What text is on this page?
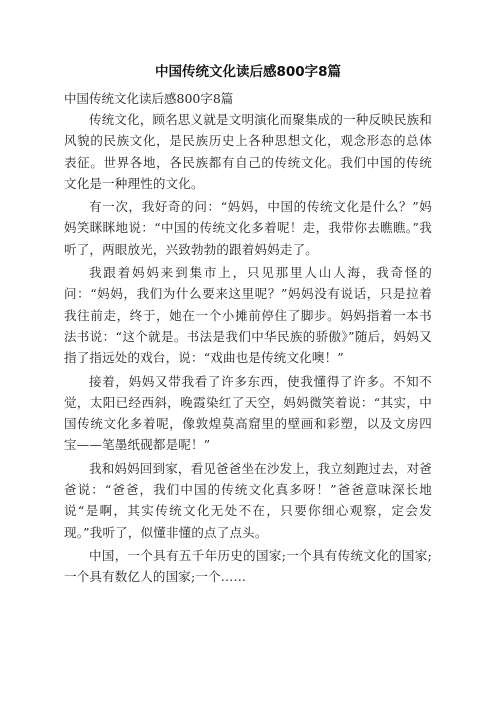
中国传统文化读后感800字8篇

中国传统文化读后感800字8篇

传统文化，顾名思义就是文明演化而聚集成的一种反映民族和风貌的民族文化，是民族历史上各种思想文化，观念形态的总体表征。世界各地，各民族都有自己的传统文化。我们中国的传统文化是一种理性的文化。

有一次，我好奇的问：“妈妈，中国的传统文化是什么？”妈妈笑眯眯地说：“中国的传统文化多着呢！走，我带你去瞧瞧。”我听了，两眼放光，兴致勃勃的跟着妈妈走了。

我跟着妈妈来到集市上，只见那里人山人海，我奇怪的问：“妈妈，我们为什么要来这里呢？”妈妈没有说话，只是拉着我往前走，终于，她在一个小摊前停住了脚步。妈妈指着一本书法书说：“这个就是。书法是我们中华民族的骄傲》”随后，妈妈又指了指远处的戏台，说：“戏曲也是传统文化噢！”

接着，妈妈又带我看了许多东西，使我懂得了许多。不知不觉，太阳已经西斜，晚霞染红了天空，妈妈微笑着说：“其实，中国传统文化多着呢，像敦煌莫高窟里的壁画和彩塑，以及文房四宝——笔墨纸砚都是呢！”

我和妈妈回到家，看见爸爸坐在沙发上，我立刻跑过去，对爸爸说：“爸爸，我们中国的传统文化真多呀！”爸爸意味深长地说“是啊，其实传统文化无处不在，只要你细心观察，定会发现。”我听了，似懂非懂的点了点头。

中国，一个具有五千年历史的国家;一个具有传统文化的国家;一个具有数亿人的国家;一个……
